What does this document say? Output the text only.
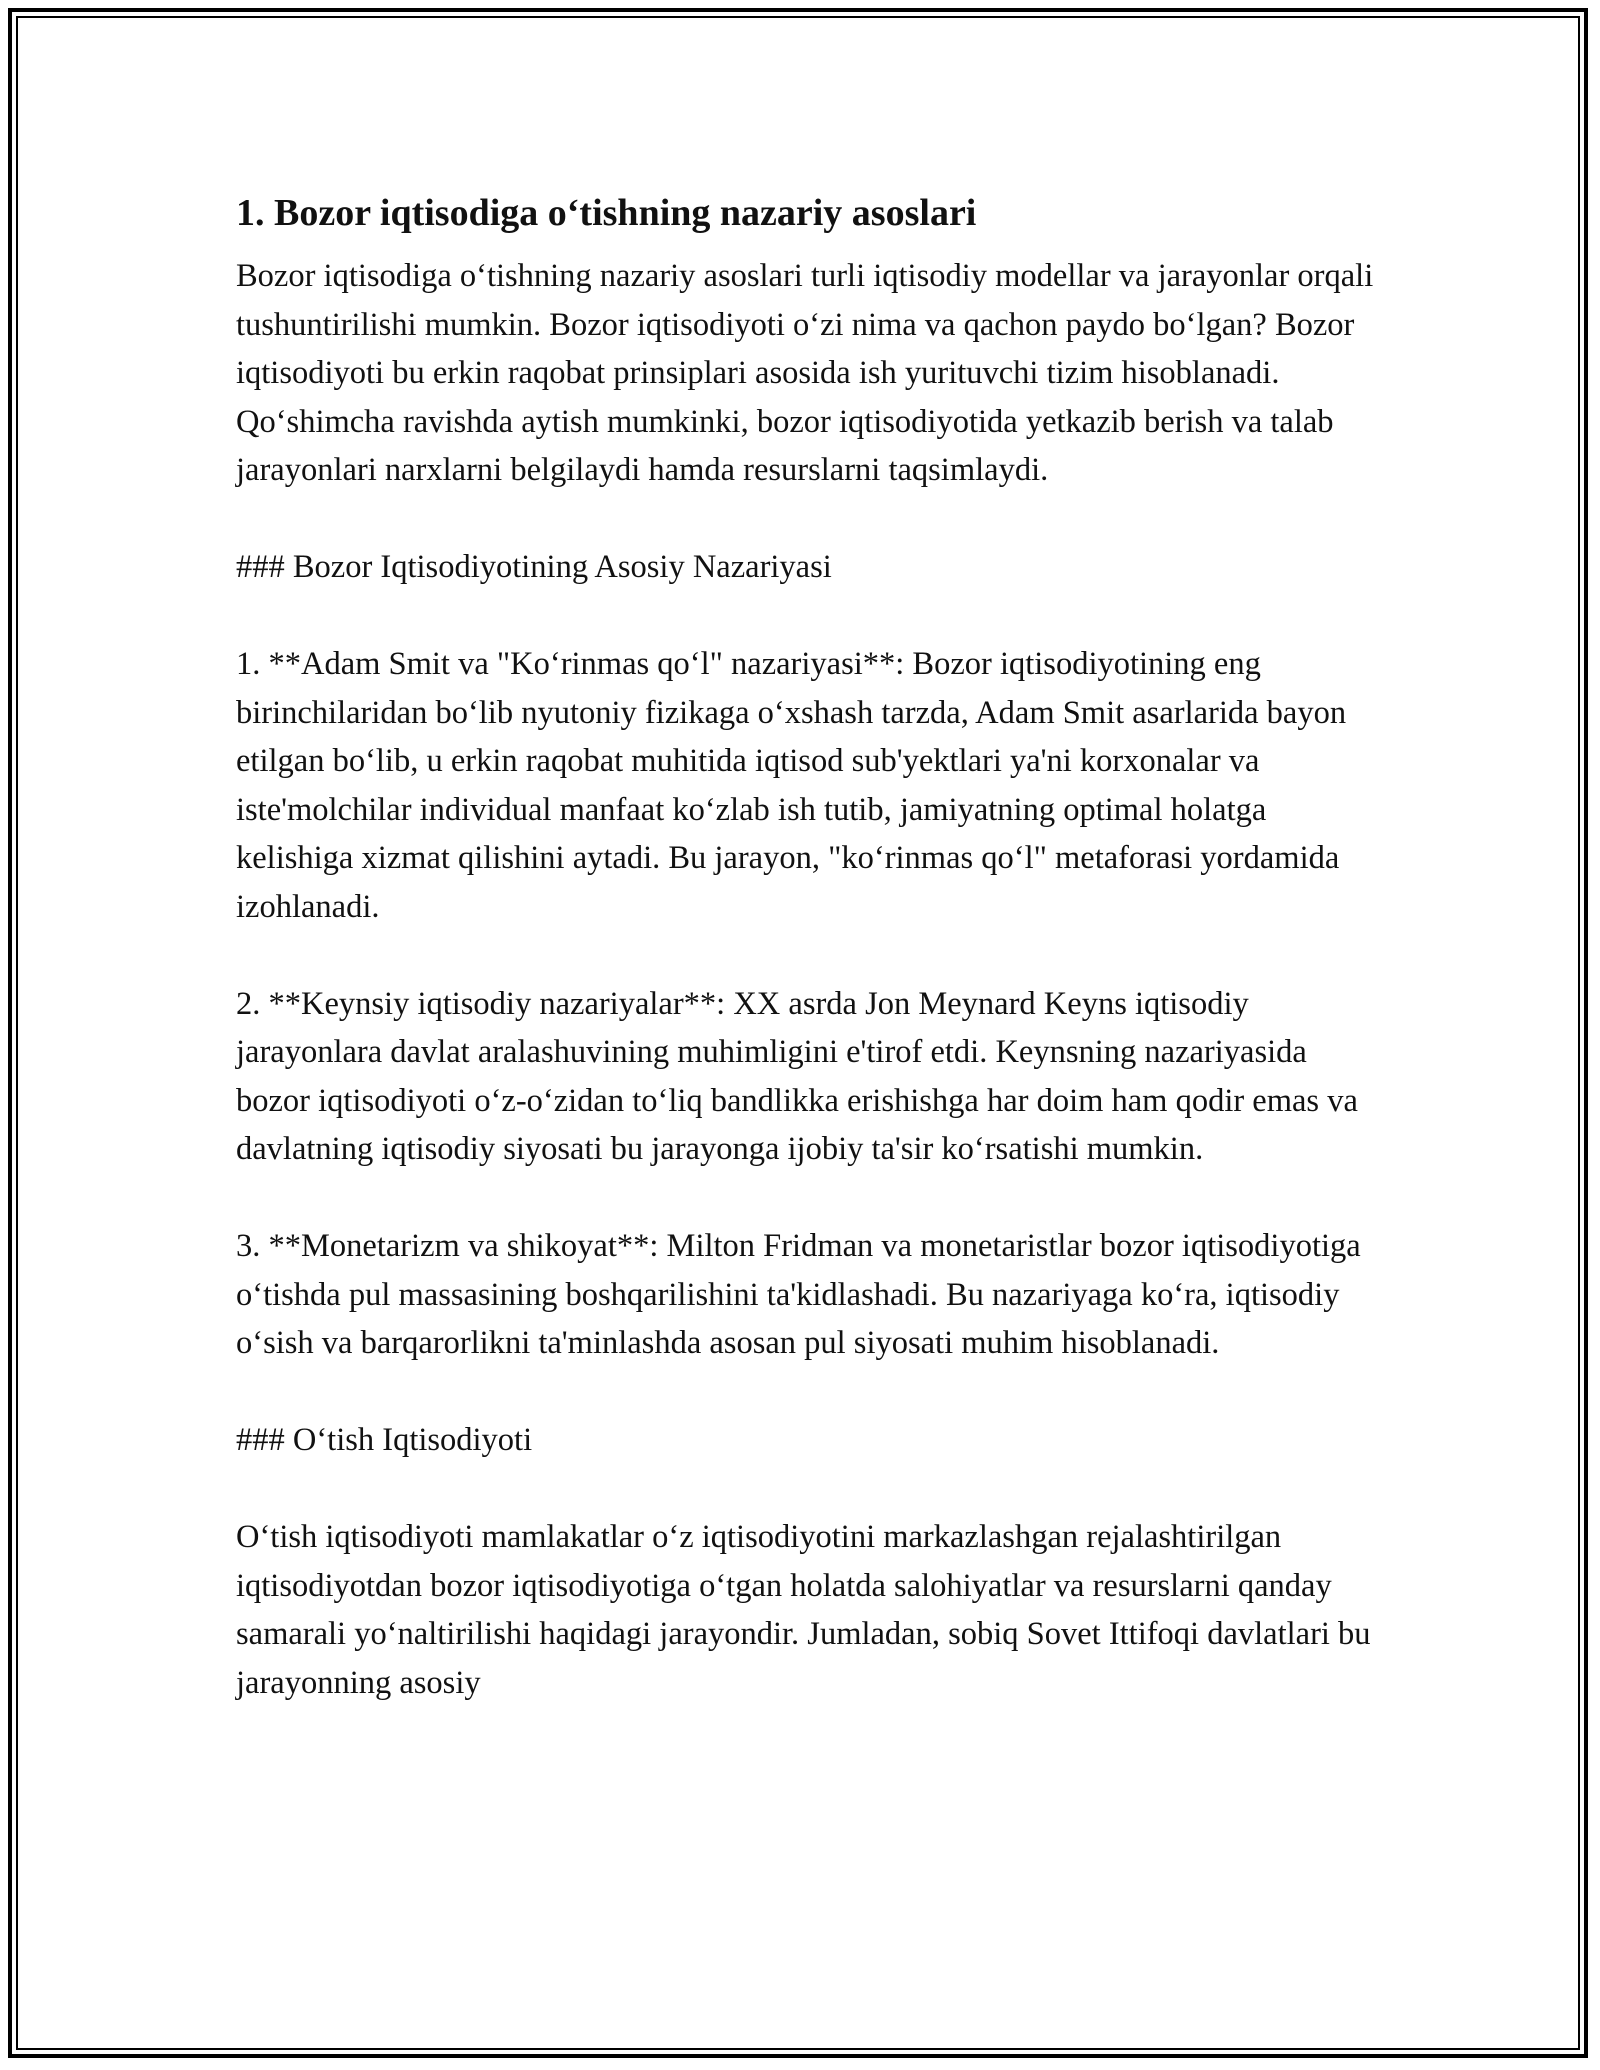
1. Bozor iqtisodiga o‘tishning nazariy asoslari

Bozor iqtisodiga o‘tishning nazariy asoslari turli iqtisodiy modellar va jarayonlar orqali tushuntirilishi mumkin. Bozor iqtisodiyoti o‘zi nima va qachon paydo bo‘lgan? Bozor iqtisodiyoti bu erkin raqobat prinsiplari asosida ish yurituvchi tizim hisoblanadi. Qo‘shimcha ravishda aytish mumkinki, bozor iqtisodiyotida yetkazib berish va talab jarayonlari narxlarni belgilaydi hamda resurslarni taqsimlaydi.

### Bozor Iqtisodiyotining Asosiy Nazariyasi

1. **Adam Smit va "Ko‘rinmas qo‘l" nazariyasi**: Bozor iqtisodiyotining eng birinchilaridan bo‘lib nyutoniy fizikaga o‘xshash tarzda, Adam Smit asarlarida bayon etilgan bo‘lib, u erkin raqobat muhitida iqtisod sub'yektlari ya'ni korxonalar va iste'molchilar individual manfaat ko‘zlab ish tutib, jamiyatning optimal holatga kelishiga xizmat qilishini aytadi. Bu jarayon, "ko‘rinmas qo‘l" metaforasi yordamida izohlanadi.

2. **Keynsiy iqtisodiy nazariyalar**: XX asrda Jon Meynard Keyns iqtisodiy jarayonlara davlat aralashuvining muhimligini e'tirof etdi. Keynsning nazariyasida bozor iqtisodiyoti o‘z-o‘zidan to‘liq bandlikka erishishga har doim ham qodir emas va davlatning iqtisodiy siyosati bu jarayonga ijobiy ta'sir ko‘rsatishi mumkin.

3. **Monetarizm va shikoyat**: Milton Fridman va monetaristlar bozor iqtisodiyotiga o‘tishda pul massasining boshqarilishini ta'kidlashadi. Bu nazariyaga ko‘ra, iqtisodiy o‘sish va barqarorlikni ta'minlashda asosan pul siyosati muhim hisoblanadi.

### O‘tish Iqtisodiyoti

O‘tish iqtisodiyoti mamlakatlar o‘z iqtisodiyotini markazlashgan rejalashtirilgan iqtisodiyotdan bozor iqtisodiyotiga o‘tgan holatda salohiyatlar va resurslarni qanday samarali yo‘naltirilishi haqidagi jarayondir. Jumladan, sobiq Sovet Ittifoqi davlatlari bu jarayonning asosiy
